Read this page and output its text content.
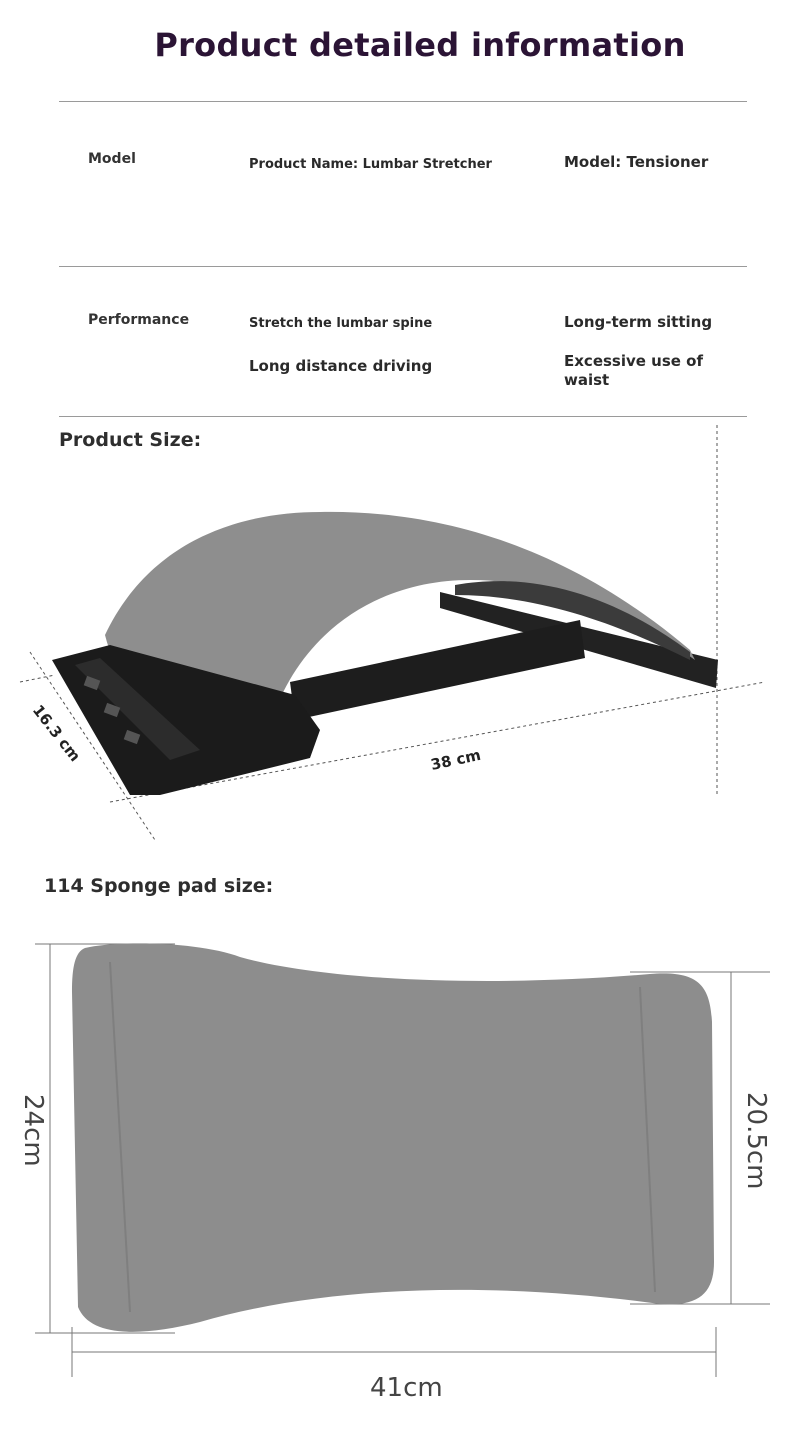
Product detailed information
Model	Product Name: Lumbar Stretcher	Model: Tensioner
Performance	Stretch the lumbar spine	Long-term sitting
Long distance driving	Excessive use of waist
Product Size:
16.3 cm	38 cm
114 Sponge pad size:
24cm	20.5cm
41cm
